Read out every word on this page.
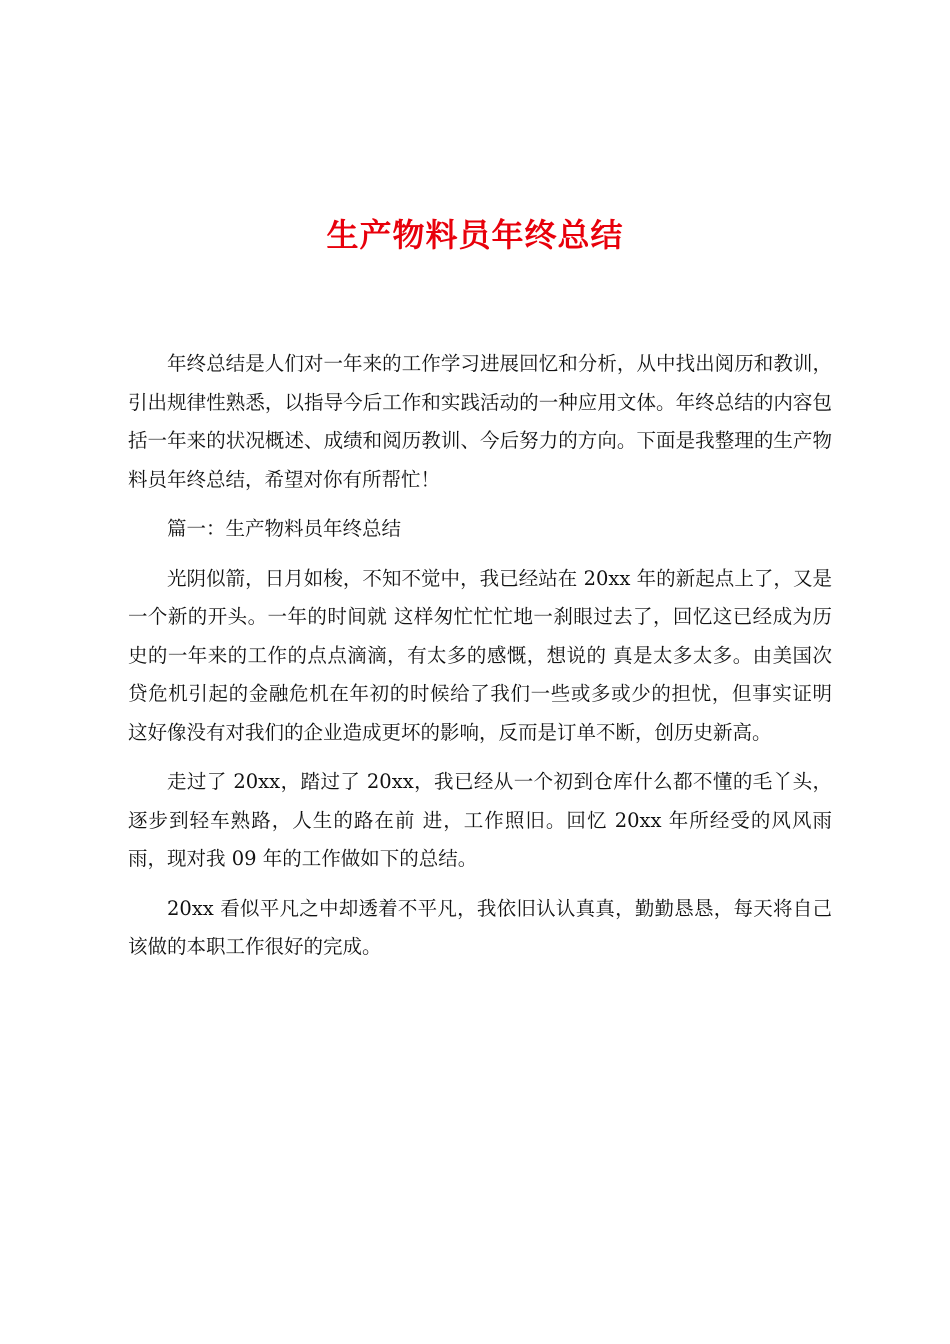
生产物料员年终总结

年终总结是人们对一年来的工作学习进展回忆和分析，从中找出阅历和教训，引出规律性熟悉，以指导今后工作和实践活动的一种应用文体。年终总结的内容包括一年来的状况概述、成绩和阅历教训、今后努力的方向。下面是我整理的生产物料员年终总结，希望对你有所帮忙！

篇一：生产物料员年终总结

光阴似箭，日月如梭，不知不觉中，我已经站在 20xx 年的新起点上了，又是一个新的开头。一年的时间就 这样匆忙忙忙地一刹眼过去了，回忆这已经成为历史的一年来的工作的点点滴滴，有太多的感慨，想说的 真是太多太多。由美国次贷危机引起的金融危机在年初的时候给了我们一些或多或少的担忧，但事实证明 这好像没有对我们的企业造成更坏的影响，反而是订单不断，创历史新高。

走过了 20xx，踏过了 20xx，我已经从一个初到仓库什么都不懂的毛丫头，逐步到轻车熟路，人生的路在前 进，工作照旧。回忆 20xx 年所经受的风风雨雨，现对我 09 年的工作做如下的总结。

20xx 看似平凡之中却透着不平凡，我依旧认认真真，勤勤恳恳，每天将自己该做的本职工作很好的完成。
